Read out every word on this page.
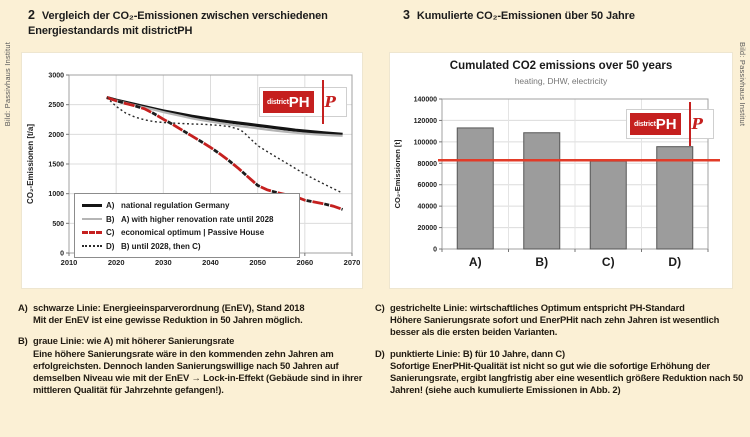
Bild: Passivhaus Institut	Bild: Passivhaus Institut
2 Vergleich der CO₂-Emissionen zwischen verschiedenen
Energiestandards mit districtPH
3 Kumulierte CO₂-Emissionen über 50 Jahre
0
500
1000
1500
2000
2500
3000
2010	2020	2030	2040	2050	2060	2070
CO₂-Emissionen [t/a]
A) national regulation Germany
B) A) with higher renovation rate until 2028
C) economical optimum | Passive House
D) B) until 2028, then C)
district PH P
Cumulated CO2 emissions over 50 years
heating, DHW, electricity
0
20000
40000
60000
80000
100000
120000
140000
A)	B)	C)	D)
CO₂-Emissionen [t]
district PH P
A) schwarze Linie: Energieeinsparverordnung (EnEV), Stand 2018
Mit der EnEV ist eine gewisse Reduktion in 50 Jahren möglich.
B) graue Linie: wie A) mit höherer Sanierungsrate
Eine höhere Sanierungsrate wäre in den kommenden zehn Jahren am erfolgreichsten. Dennoch landen Sanierungswillige nach 50 Jahren auf demselben Niveau wie mit der EnEV → Lock-in-Effekt (Gebäude sind in ihrer mittleren Qualität für Jahrzehnte gefangen!).
C) gestrichelte Linie: wirtschaftliches Optimum entspricht PH-Standard
Höhere Sanierungsrate sofort und EnerPHit nach zehn Jahren ist wesentlich besser als die ersten beiden Varianten.
D) punktierte Linie: B) für 10 Jahre, dann C)
Sofortige EnerPHit-Qualität ist nicht so gut wie die sofortige Erhöhung der Sanierungsrate, ergibt langfristig aber eine wesentlich größere Reduktion nach 50 Jahren! (siehe auch kumulierte Emissionen in Abb. 2)
